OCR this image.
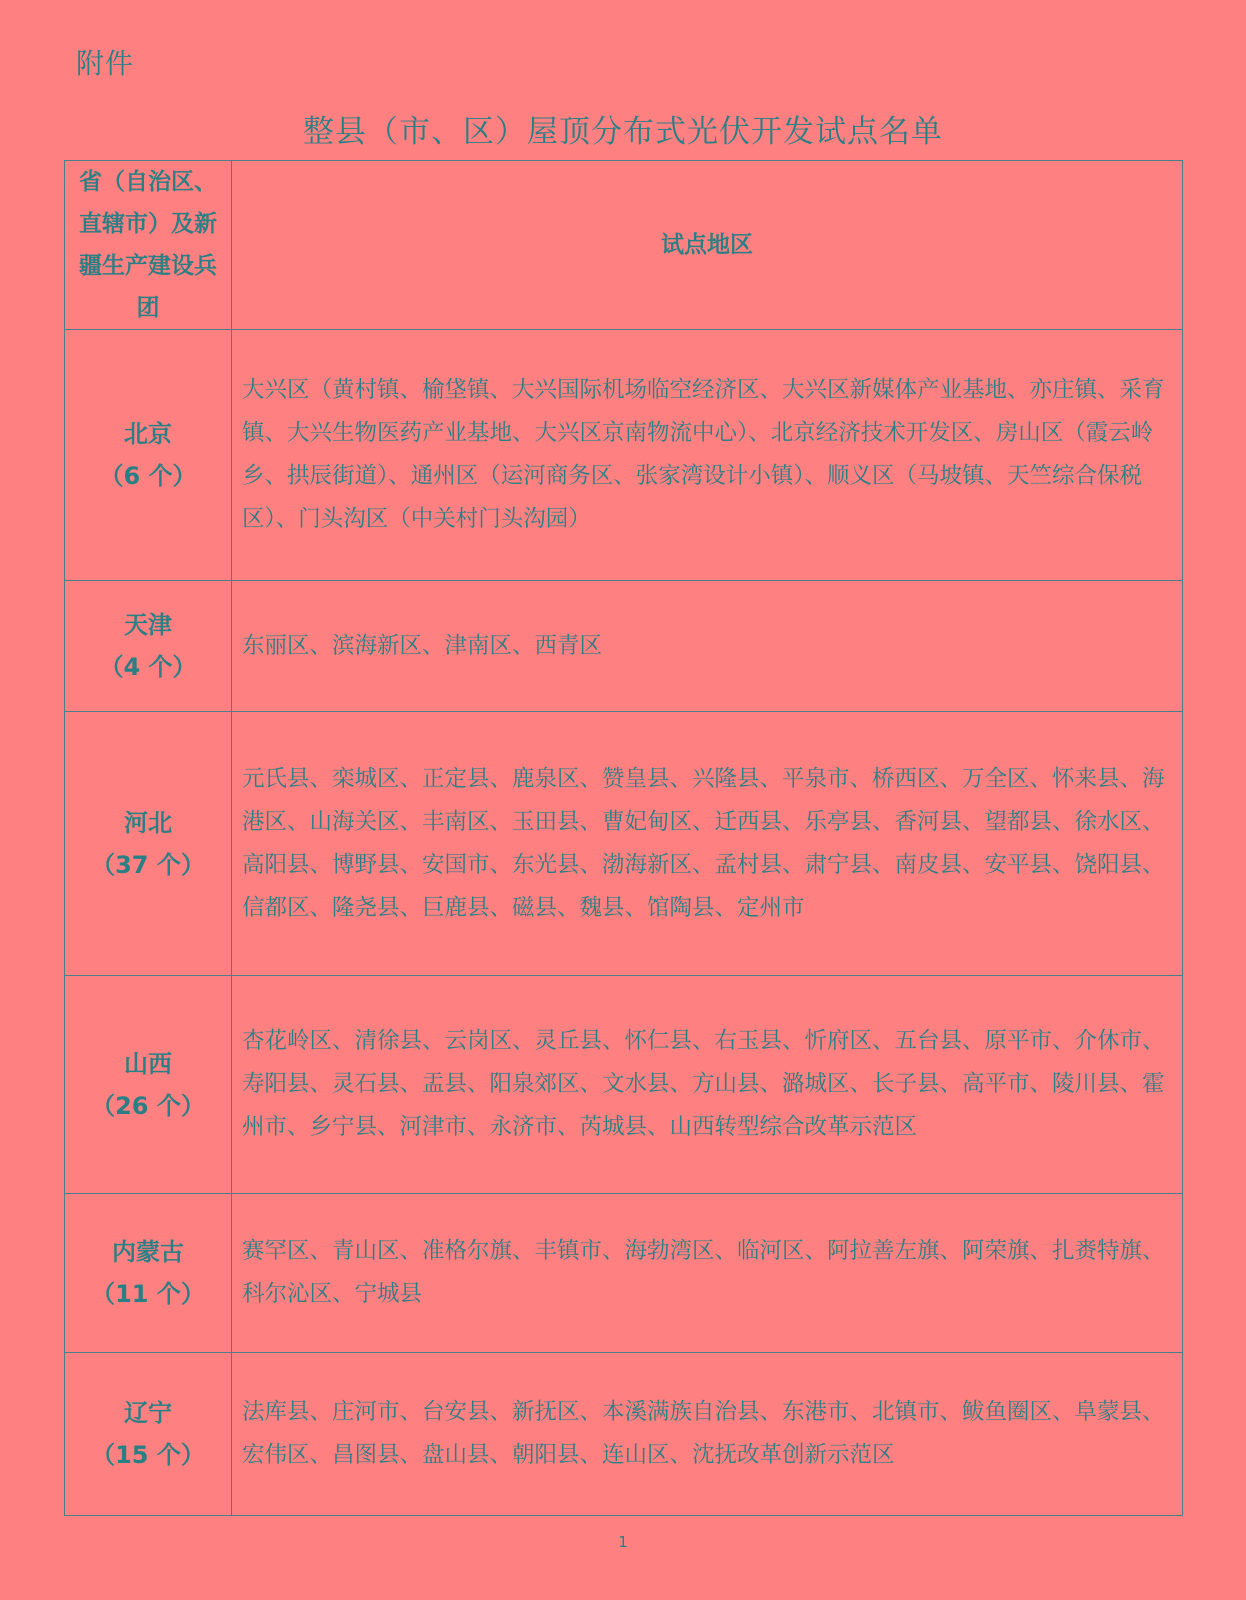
附件
整县（市、区）屋顶分布式光伏开发试点名单
省（自治区、直辖市）及新疆生产建设兵团	试点地区

北京
（6 个）	大兴区（黄村镇、榆垡镇、大兴国际机场临空经济区、大兴区新媒体产业基地、亦庄镇、采育镇、大兴生物医药产业基地、大兴区京南物流中心）、北京经济技术开发区、房山区（霞云岭乡、拱辰街道）、通州区（运河商务区、张家湾设计小镇）、顺义区（马坡镇、天竺综合保税区）、门头沟区（中关村门头沟园）

天津
（4 个）	东丽区、滨海新区、津南区、西青区

河北
（37 个）	元氏县、栾城区、正定县、鹿泉区、赞皇县、兴隆县、平泉市、桥西区、万全区、怀来县、海港区、山海关区、丰南区、玉田县、曹妃甸区、迁西县、乐亭县、香河县、望都县、徐水区、高阳县、博野县、安国市、东光县、渤海新区、孟村县、肃宁县、南皮县、安平县、饶阳县、信都区、隆尧县、巨鹿县、磁县、魏县、馆陶县、定州市

山西
（26 个）	杏花岭区、清徐县、云岗区、灵丘县、怀仁县、右玉县、忻府区、五台县、原平市、介休市、寿阳县、灵石县、盂县、阳泉郊区、文水县、方山县、潞城区、长子县、高平市、陵川县、霍州市、乡宁县、河津市、永济市、芮城县、山西转型综合改革示范区

内蒙古
（11 个）	赛罕区、青山区、准格尔旗、丰镇市、海勃湾区、临河区、阿拉善左旗、阿荣旗、扎赉特旗、科尔沁区、宁城县

辽宁
（15 个）	法库县、庄河市、台安县、新抚区、本溪满族自治县、东港市、北镇市、鲅鱼圈区、阜蒙县、宏伟区、昌图县、盘山县、朝阳县、连山区、沈抚改革创新示范区
1
